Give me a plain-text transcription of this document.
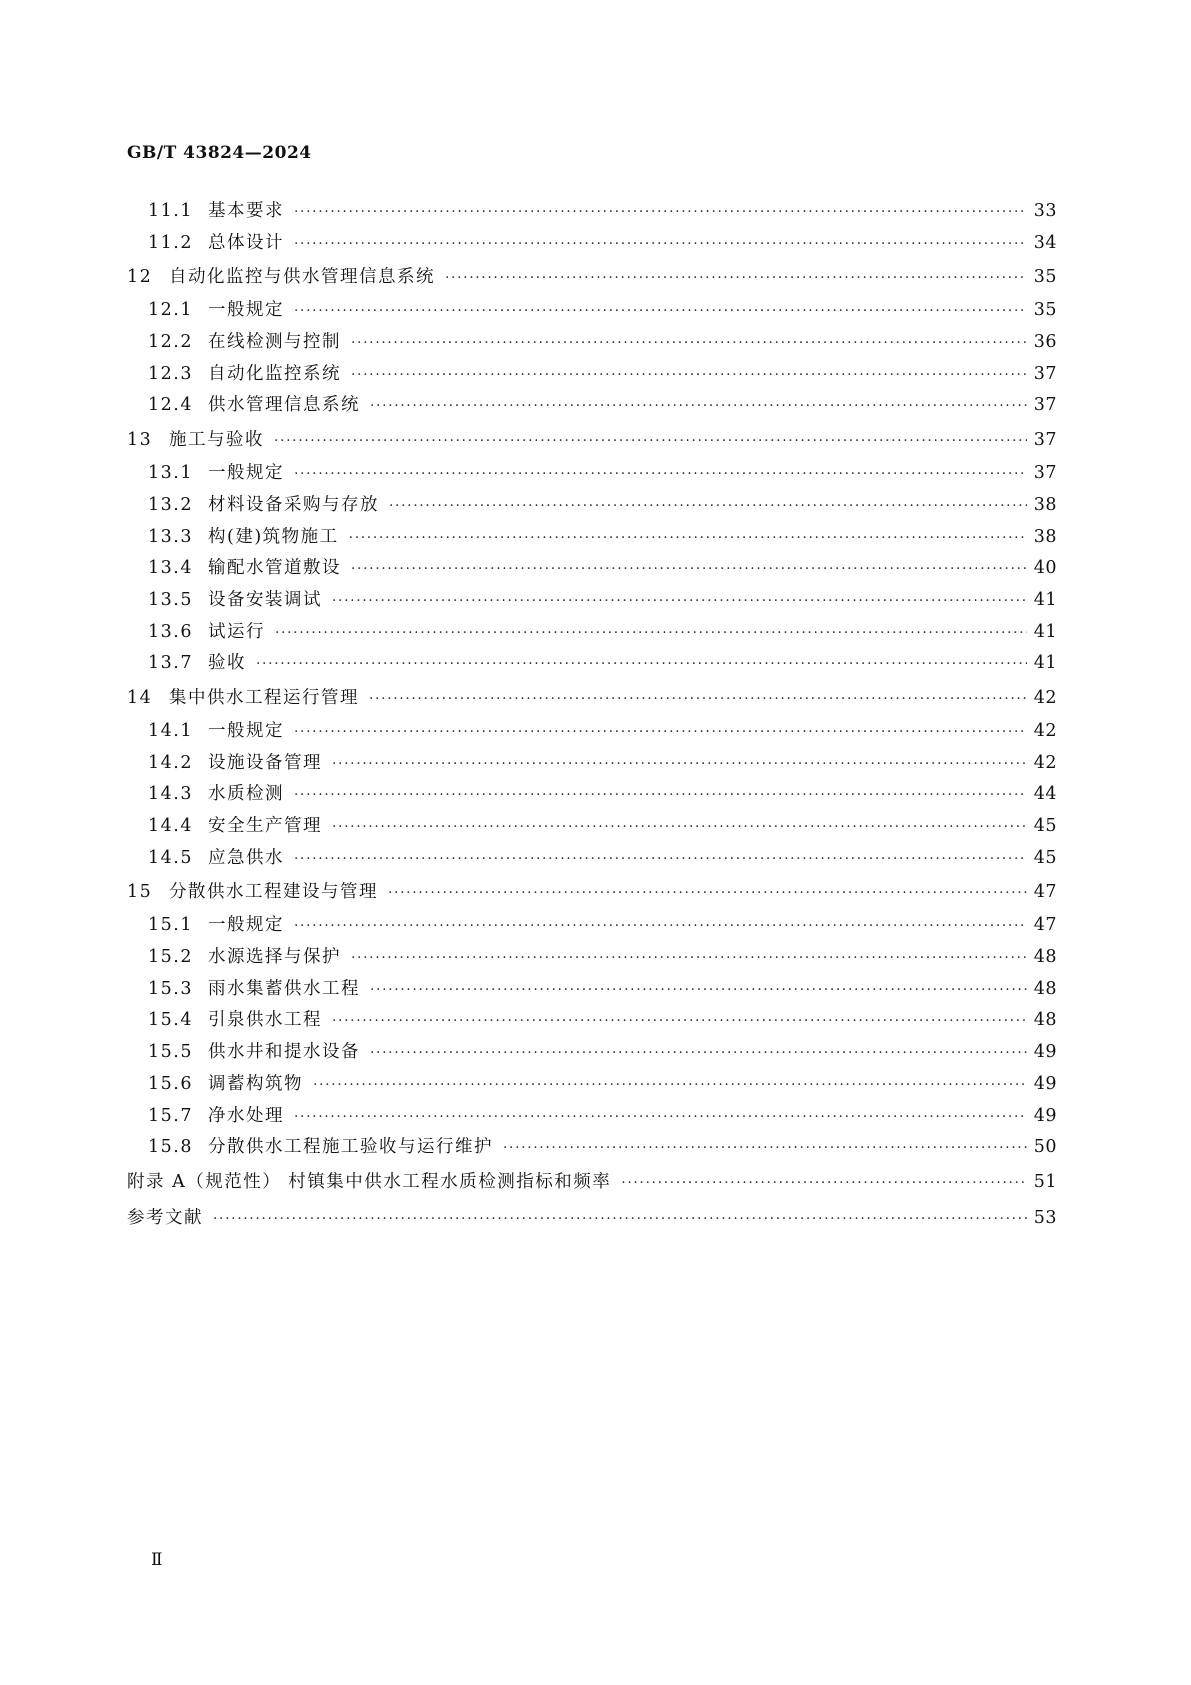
GB/T 43824—2024
11.1 基本要求 ·····	33
11.2 总体设计 ·····	34
12 自动化监控与供水管理信息系统 ·····	35
12.1 一般规定 ·····	35
12.2 在线检测与控制 ·····	36
12.3 自动化监控系统 ·····	37
12.4 供水管理信息系统 ·····	37
13 施工与验收 ·····	37
13.1 一般规定 ·····	37
13.2 材料设备采购与存放 ·····	38
13.3 构(建)筑物施工 ·····	38
13.4 输配水管道敷设 ·····	40
13.5 设备安装调试 ·····	41
13.6 试运行 ·····	41
13.7 验收 ·····	41
14 集中供水工程运行管理 ·····	42
14.1 一般规定 ·····	42
14.2 设施设备管理 ·····	42
14.3 水质检测 ·····	44
14.4 安全生产管理 ·····	45
14.5 应急供水 ·····	45
15 分散供水工程建设与管理 ·····	47
15.1 一般规定 ·····	47
15.2 水源选择与保护 ·····	48
15.3 雨水集蓄供水工程 ·····	48
15.4 引泉供水工程 ·····	48
15.5 供水井和提水设备 ·····	49
15.6 调蓄构筑物 ·····	49
15.7 净水处理 ·····	49
15.8 分散供水工程施工验收与运行维护 ·····	50
附录 A（规范性） 村镇集中供水工程水质检测指标和频率 ·····	51
参考文献 ·····	53
Ⅱ
